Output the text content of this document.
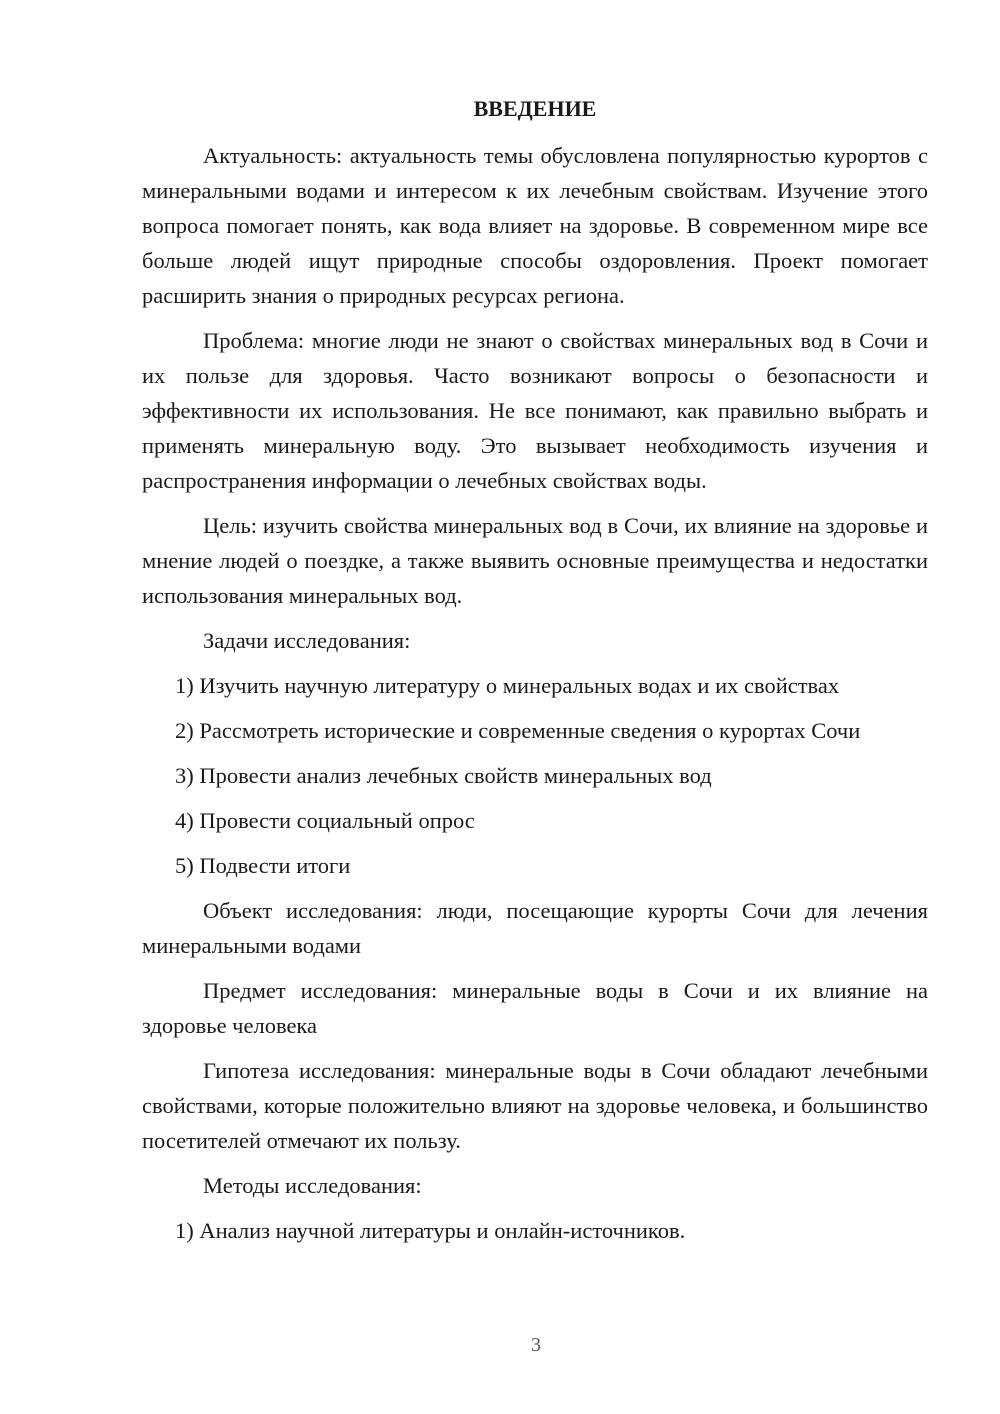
ВВЕДЕНИЕ

Актуальность: актуальность темы обусловлена популярностью курортов с минеральными водами и интересом к их лечебным свойствам. Изучение этого вопроса помогает понять, как вода влияет на здоровье. В современном мире все больше людей ищут природные способы оздоровления. Проект помогает расширить знания о природных ресурсах региона.

Проблема: многие люди не знают о свойствах минеральных вод в Сочи и их пользе для здоровья. Часто возникают вопросы о безопасности и эффективности их использования. Не все понимают, как правильно выбрать и применять минеральную воду. Это вызывает необходимость изучения и распространения информации о лечебных свойствах воды.

Цель: изучить свойства минеральных вод в Сочи, их влияние на здоровье и мнение людей о поездке, а также выявить основные преимущества и недостатки использования минеральных вод.

Задачи исследования:

1) Изучить научную литературу о минеральных водах и их свойствах
2) Рассмотреть исторические и современные сведения о курортах Сочи
3) Провести анализ лечебных свойств минеральных вод
4) Провести социальный опрос
5) Подвести итоги

Объект исследования: люди, посещающие курорты Сочи для лечения минеральными водами

Предмет исследования: минеральные воды в Сочи и их влияние на здоровье человека

Гипотеза исследования: минеральные воды в Сочи обладают лечебными свойствами, которые положительно влияют на здоровье человека, и большинство посетителей отмечают их пользу.

Методы исследования:

1) Анализ научной литературы и онлайн-источников.
3
